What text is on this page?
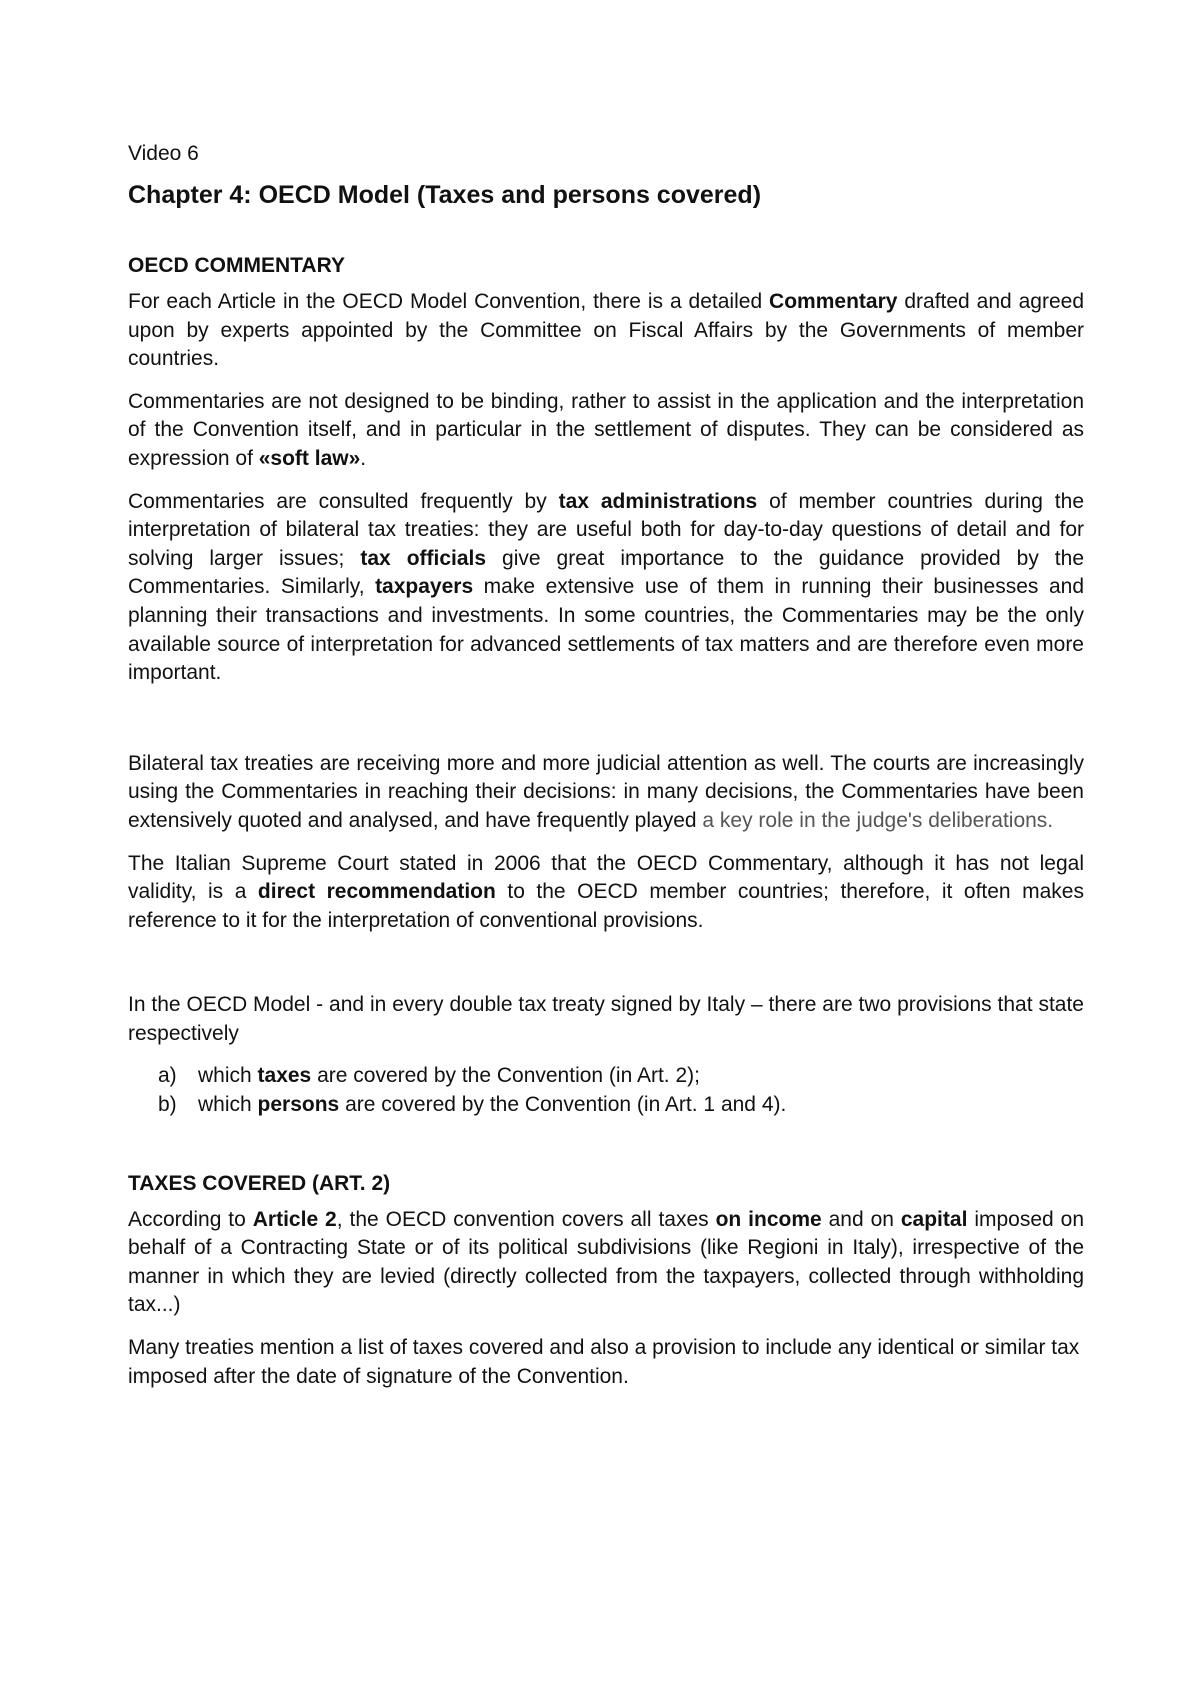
Video 6
Chapter 4: OECD Model (Taxes and persons covered)
OECD COMMENTARY

For each Article in the OECD Model Convention, there is a detailed Commentary drafted and agreed upon by experts appointed by the Committee on Fiscal Affairs by the Governments of member countries.

Commentaries are not designed to be binding, rather to assist in the application and the interpretation of the Convention itself, and in particular in the settlement of disputes. They can be considered as expression of «soft law».

Commentaries are consulted frequently by tax administrations of member countries during the interpretation of bilateral tax treaties: they are useful both for day-to-day questions of detail and for solving larger issues; tax officials give great importance to the guidance provided by the Commentaries. Similarly, taxpayers make extensive use of them in running their businesses and planning their transactions and investments. In some countries, the Commentaries may be the only available source of interpretation for advanced settlements of tax matters and are therefore even more important.

Bilateral tax treaties are receiving more and more judicial attention as well. The courts are increasingly using the Commentaries in reaching their decisions: in many decisions, the Commentaries have been extensively quoted and analysed, and have frequently played a key role in the judge's deliberations.

The Italian Supreme Court stated in 2006 that the OECD Commentary, although it has not legal validity, is a direct recommendation to the OECD member countries; therefore, it often makes reference to it for the interpretation of conventional provisions.

In the OECD Model - and in every double tax treaty signed by Italy – there are two provisions that state respectively

a)	which taxes are covered by the Convention (in Art. 2);
b)	which persons are covered by the Convention (in Art. 1 and 4).
TAXES COVERED (ART. 2)

According to Article 2, the OECD convention covers all taxes on income and on capital imposed on behalf of a Contracting State or of its political subdivisions (like Regioni in Italy), irrespective of the manner in which they are levied (directly collected from the taxpayers, collected through withholding tax...)

Many treaties mention a list of taxes covered and also a provision to include any identical or similar tax imposed after the date of signature of the Convention.
